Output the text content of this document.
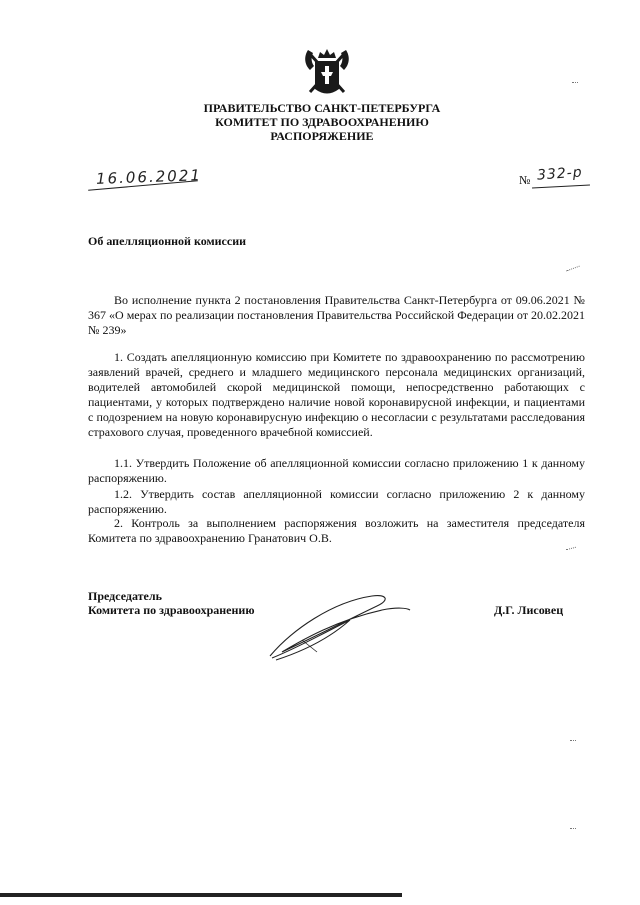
ПРАВИТЕЛЬСТВО САНКТ-ПЕТЕРБУРГА
КОМИТЕТ ПО ЗДРАВООХРАНЕНИЮ
РАСПОРЯЖЕНИЕ
16.06.2021	№ 332-р
Об апелляционной комиссии
Во исполнение пункта 2 постановления Правительства Санкт-Петербурга от 09.06.2021 № 367 «О мерах по реализации постановления Правительства Российской Федерации от 20.02.2021 № 239»
1. Создать апелляционную комиссию при Комитете по здравоохранению по рассмотрению заявлений врачей, среднего и младшего медицинского персонала медицинских организаций, водителей автомобилей скорой медицинской помощи, непосредственно работающих с пациентами, у которых подтверждено наличие новой коронавирусной инфекции, и пациентами с подозрением на новую коронавирусную инфекцию о несогласии с результатами расследования страхового случая, проведенного врачебной комиссией.
1.1. Утвердить Положение об апелляционной комиссии согласно приложению 1 к данному распоряжению.
1.2. Утвердить состав апелляционной комиссии согласно приложению 2 к данному распоряжению.
2. Контроль за выполнением распоряжения возложить на заместителя председателя Комитета по здравоохранению Гранатович О.В.
Председатель
Комитета по здравоохранению	Д.Г. Лисовец
